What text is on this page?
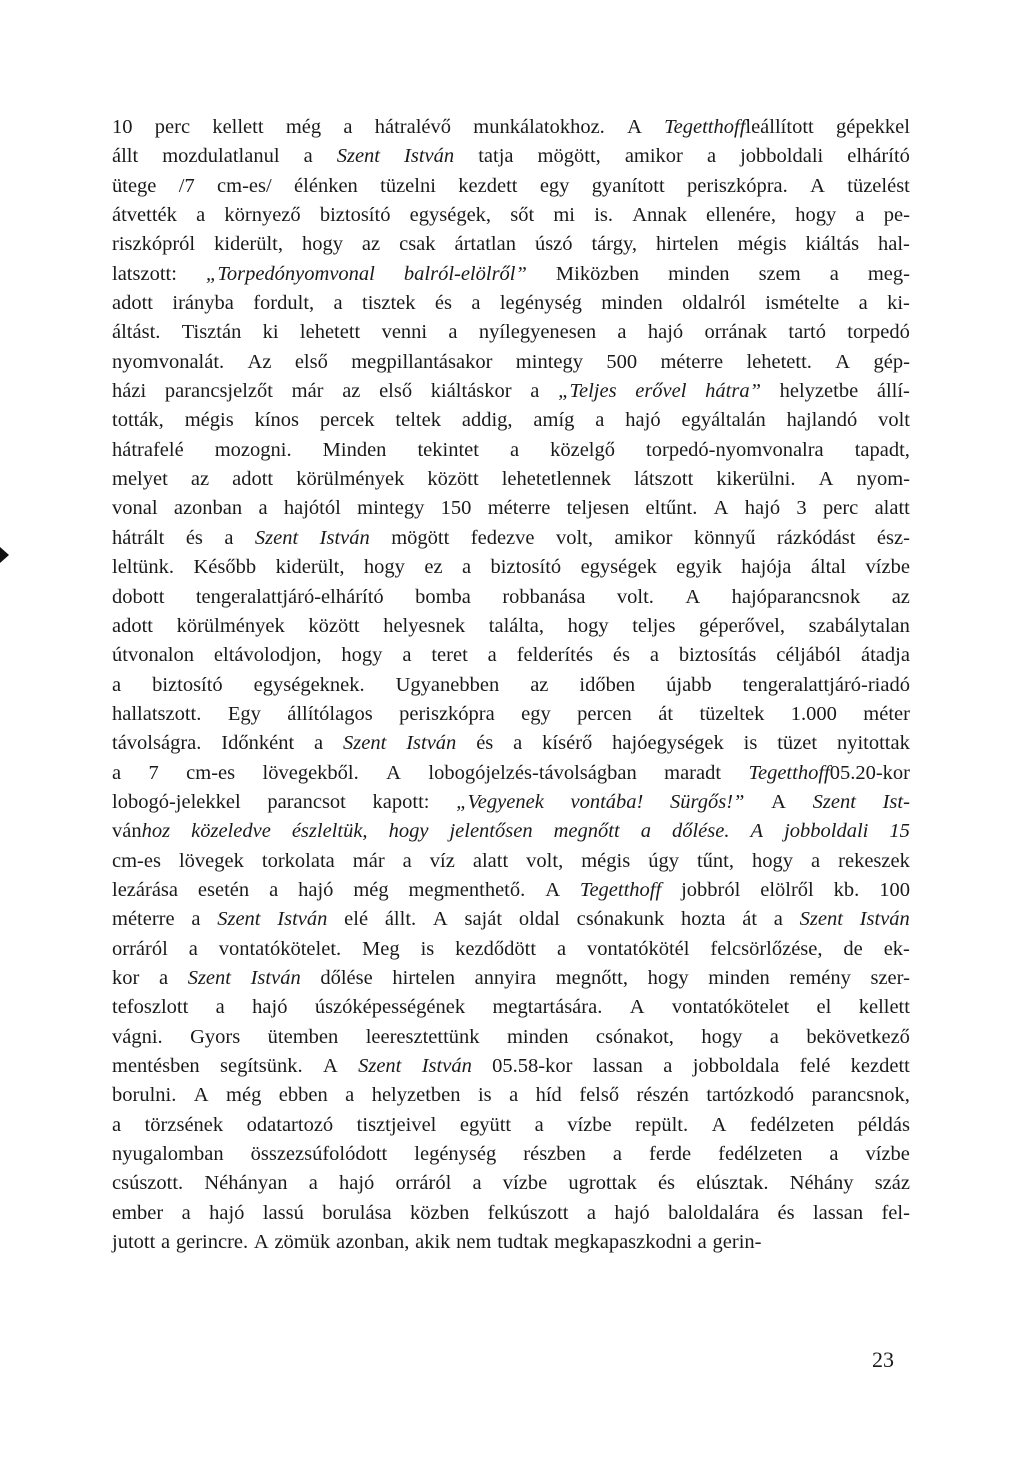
10 perc kellett még a hátralévő munkálatokhoz. A Tegetthoffleállított gépekkel
állt mozdulatlanul a Szent István tatja mögött, amikor a jobboldali elhárító
ütege /7 cm-es/ élénken tüzelni kezdett egy gyanított periszkópra. A tüzelést
átvették a környező biztosító egységek, sőt mi is. Annak ellenére, hogy a pe-
riszkópról kiderült, hogy az csak ártatlan úszó tárgy, hirtelen mégis kiáltás hal-
latszott: „Torpedónyomvonal balról-elölről” Miközben minden szem a meg-
adott irányba fordult, a tisztek és a legénység minden oldalról ismételte a ki-
áltást. Tisztán ki lehetett venni a nyílegyenesen a hajó orrának tartó torpedó
nyomvonalát. Az első megpillantásakor mintegy 500 méterre lehetett. A gép-
házi parancsjelzőt már az első kiáltáskor a „Teljes erővel hátra” helyzetbe állí-
tották, mégis kínos percek teltek addig, amíg a hajó egyáltalán hajlandó volt
hátrafelé mozogni. Minden tekintet a közelgő torpedó-nyomvonalra tapadt,
melyet az adott körülmények között lehetetlennek látszott kikerülni. A nyom-
vonal azonban a hajótól mintegy 150 méterre teljesen eltűnt. A hajó 3 perc alatt
hátrált és a Szent István mögött fedezve volt, amikor könnyű rázkódást ész-
leltünk. Később kiderült, hogy ez a biztosító egységek egyik hajója által vízbe
dobott tengeralattjáró-elhárító bomba robbanása volt. A hajóparancsnok az
adott körülmények között helyesnek találta, hogy teljes géperővel, szabálytalan
útvonalon eltávolodjon, hogy a teret a felderítés és a biztosítás céljából átadja
a biztosító egységeknek. Ugyanebben az időben újabb tengeralattjáró-riadó
hallatszott. Egy állítólagos periszkópra egy percen át tüzeltek 1.000 méter
távolságra. Időnként a Szent István és a kísérő hajóegységek is tüzet nyitottak
a 7 cm-es lövegekből. A lobogójelzés-távolságban maradt Tegetthoff05.20-kor
lobogó-jelekkel parancsot kapott: „Vegyenek vontába! Sürgős!” A Szent Ist-
vánhoz közeledve észleltük, hogy jelentősen megnőtt a dőlése. A jobboldali 15
cm-es lövegek torkolata már a víz alatt volt, mégis úgy tűnt, hogy a rekeszek
lezárása esetén a hajó még megmenthető. A Tegetthoff jobbról elölről kb. 100
méterre a Szent István elé állt. A saját oldal csónakunk hozta át a Szent István
orráról a vontatókötelet. Meg is kezdődött a vontatókötél felcsörlőzése, de ek-
kor a Szent István dőlése hirtelen annyira megnőtt, hogy minden remény szer-
tefoszlott a hajó úszóképességének megtartására. A vontatókötelet el kellett
vágni. Gyors ütemben leeresztettünk minden csónakot, hogy a bekövetkező
mentésben segítsünk. A Szent István 05.58-kor lassan a jobboldala felé kezdett
borulni. A még ebben a helyzetben is a híd felső részén tartózkodó parancsnok,
a törzsének odatartozó tisztjeivel együtt a vízbe repült. A fedélzeten példás
nyugalomban összezsúfolódott legénység részben a ferde fedélzeten a vízbe
csúszott. Néhányan a hajó orráról a vízbe ugrottak és elúsztak. Néhány száz
ember a hajó lassú borulása közben felkúszott a hajó baloldalára és lassan fel-
jutott a gerincre. A zömük azonban, akik nem tudtak megkapaszkodni a gerin-
23
